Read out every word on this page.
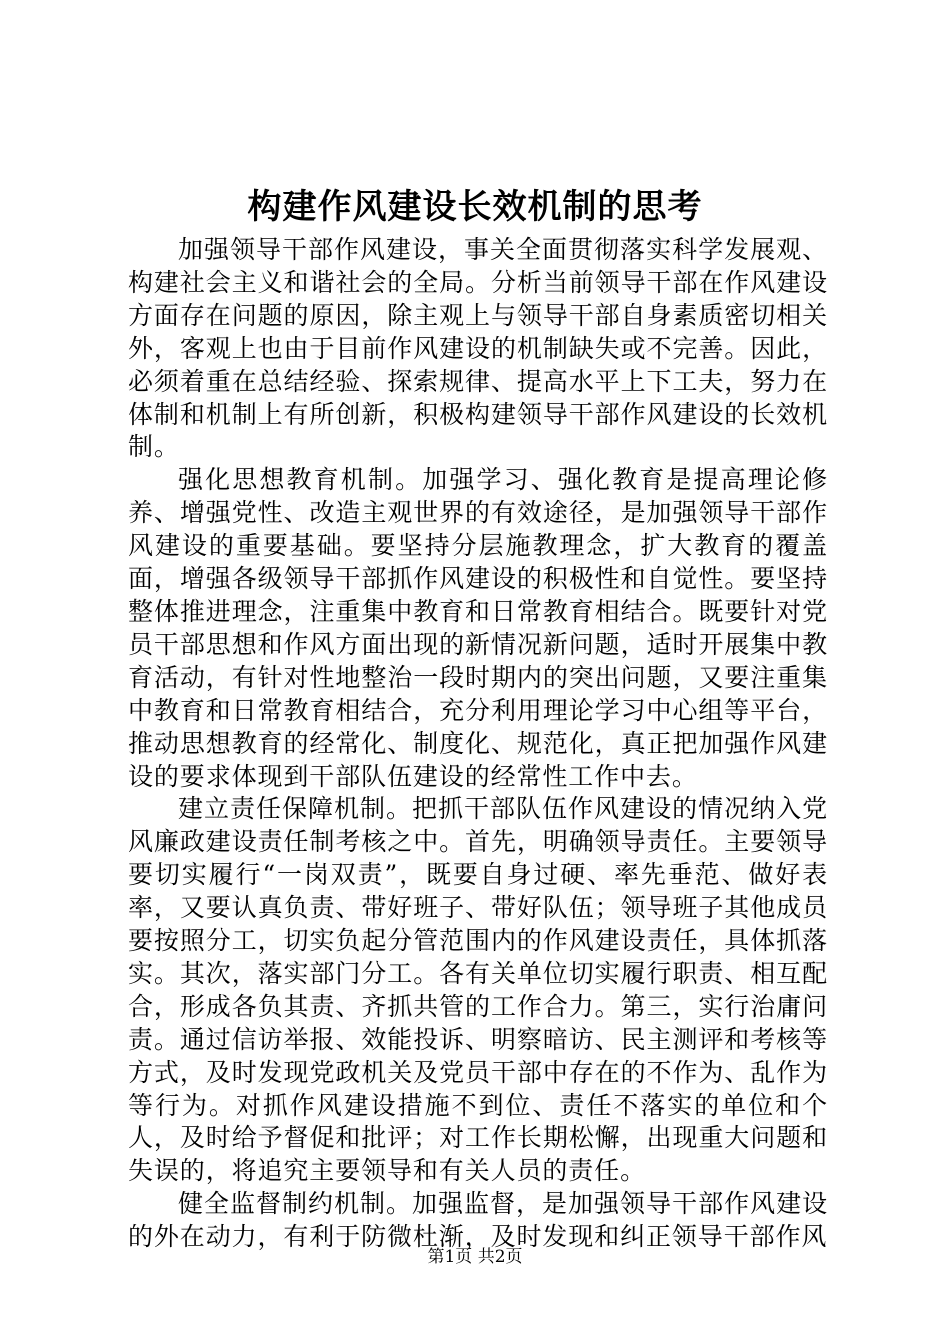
构建作风建设长效机制的思考

加强领导干部作风建设，事关全面贯彻落实科学发展观、构建社会主义和谐社会的全局。分析当前领导干部在作风建设方面存在问题的原因，除主观上与领导干部自身素质密切相关外，客观上也由于目前作风建设的机制缺失或不完善。因此，必须着重在总结经验、探索规律、提高水平上下工夫，努力在体制和机制上有所创新，积极构建领导干部作风建设的长效机制。

强化思想教育机制。加强学习、强化教育是提高理论修养、增强党性、改造主观世界的有效途径，是加强领导干部作风建设的重要基础。要坚持分层施教理念，扩大教育的覆盖面，增强各级领导干部抓作风建设的积极性和自觉性。要坚持整体推进理念，注重集中教育和日常教育相结合。既要针对党员干部思想和作风方面出现的新情况新问题，适时开展集中教育活动，有针对性地整治一段时期内的突出问题，又要注重集中教育和日常教育相结合，充分利用理论学习中心组等平台，推动思想教育的经常化、制度化、规范化，真正把加强作风建设的要求体现到干部队伍建设的经常性工作中去。

建立责任保障机制。把抓干部队伍作风建设的情况纳入党风廉政建设责任制考核之中。首先，明确领导责任。主要领导要切实履行“一岗双责”，既要自身过硬、率先垂范、做好表率，又要认真负责、带好班子、带好队伍；领导班子其他成员要按照分工，切实负起分管范围内的作风建设责任，具体抓落实。其次，落实部门分工。各有关单位切实履行职责、相互配合，形成各负其责、齐抓共管的工作合力。第三，实行治庸问责。通过信访举报、效能投诉、明察暗访、民主测评和考核等方式，及时发现党政机关及党员干部中存在的不作为、乱作为等行为。对抓作风建设措施不到位、责任不落实的单位和个人，及时给予督促和批评；对工作长期松懈，出现重大问题和失误的，将追究主要领导和有关人员的责任。

健全监督制约机制。加强监督，是加强领导干部作风建设的外在动力，有利于防微杜渐，及时发现和纠正领导干部作风

第1页 共2页
